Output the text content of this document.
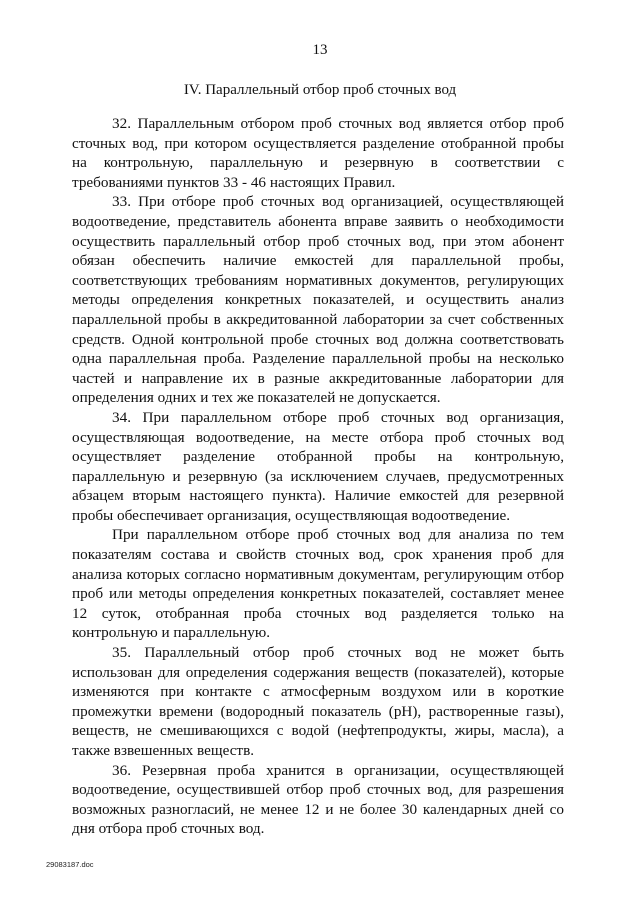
13
IV. Параллельный отбор проб сточных вод

32. Параллельным отбором проб сточных вод является отбор проб сточных вод, при котором осуществляется разделение отобранной пробы на контрольную, параллельную и резервную в соответствии с требованиями пунктов 33 - 46 настоящих Правил.

33. При отборе проб сточных вод организацией, осуществляющей водоотведение, представитель абонента вправе заявить о необходимости осуществить параллельный отбор проб сточных вод, при этом абонент обязан обеспечить наличие емкостей для параллельной пробы, соответствующих требованиям нормативных документов, регулирующих методы определения конкретных показателей, и осуществить анализ параллельной пробы в аккредитованной лаборатории за счет собственных средств. Одной контрольной пробе сточных вод должна соответствовать одна параллельная проба. Разделение параллельной пробы на несколько частей и направление их в разные аккредитованные лаборатории для определения одних и тех же показателей не допускается.

34. При параллельном отборе проб сточных вод организация, осуществляющая водоотведение, на месте отбора проб сточных вод осуществляет разделение отобранной пробы на контрольную, параллельную и резервную (за исключением случаев, предусмотренных абзацем вторым настоящего пункта). Наличие емкостей для резервной пробы обеспечивает организация, осуществляющая водоотведение.

При параллельном отборе проб сточных вод для анализа по тем показателям состава и свойств сточных вод, срок хранения проб для анализа которых согласно нормативным документам, регулирующим отбор проб или методы определения конкретных показателей, составляет менее 12 суток, отобранная проба сточных вод разделяется только на контрольную и параллельную.

35. Параллельный отбор проб сточных вод не может быть использован для определения содержания веществ (показателей), которые изменяются при контакте с атмосферным воздухом или в короткие промежутки времени (водородный показатель (pH), растворенные газы), веществ, не смешивающихся с водой (нефтепродукты, жиры, масла), а также взвешенных веществ.

36. Резервная проба хранится в организации, осуществляющей водоотведение, осуществившей отбор проб сточных вод, для разрешения возможных разногласий, не менее 12 и не более 30 календарных дней со дня отбора проб сточных вод.

29083187.doc
